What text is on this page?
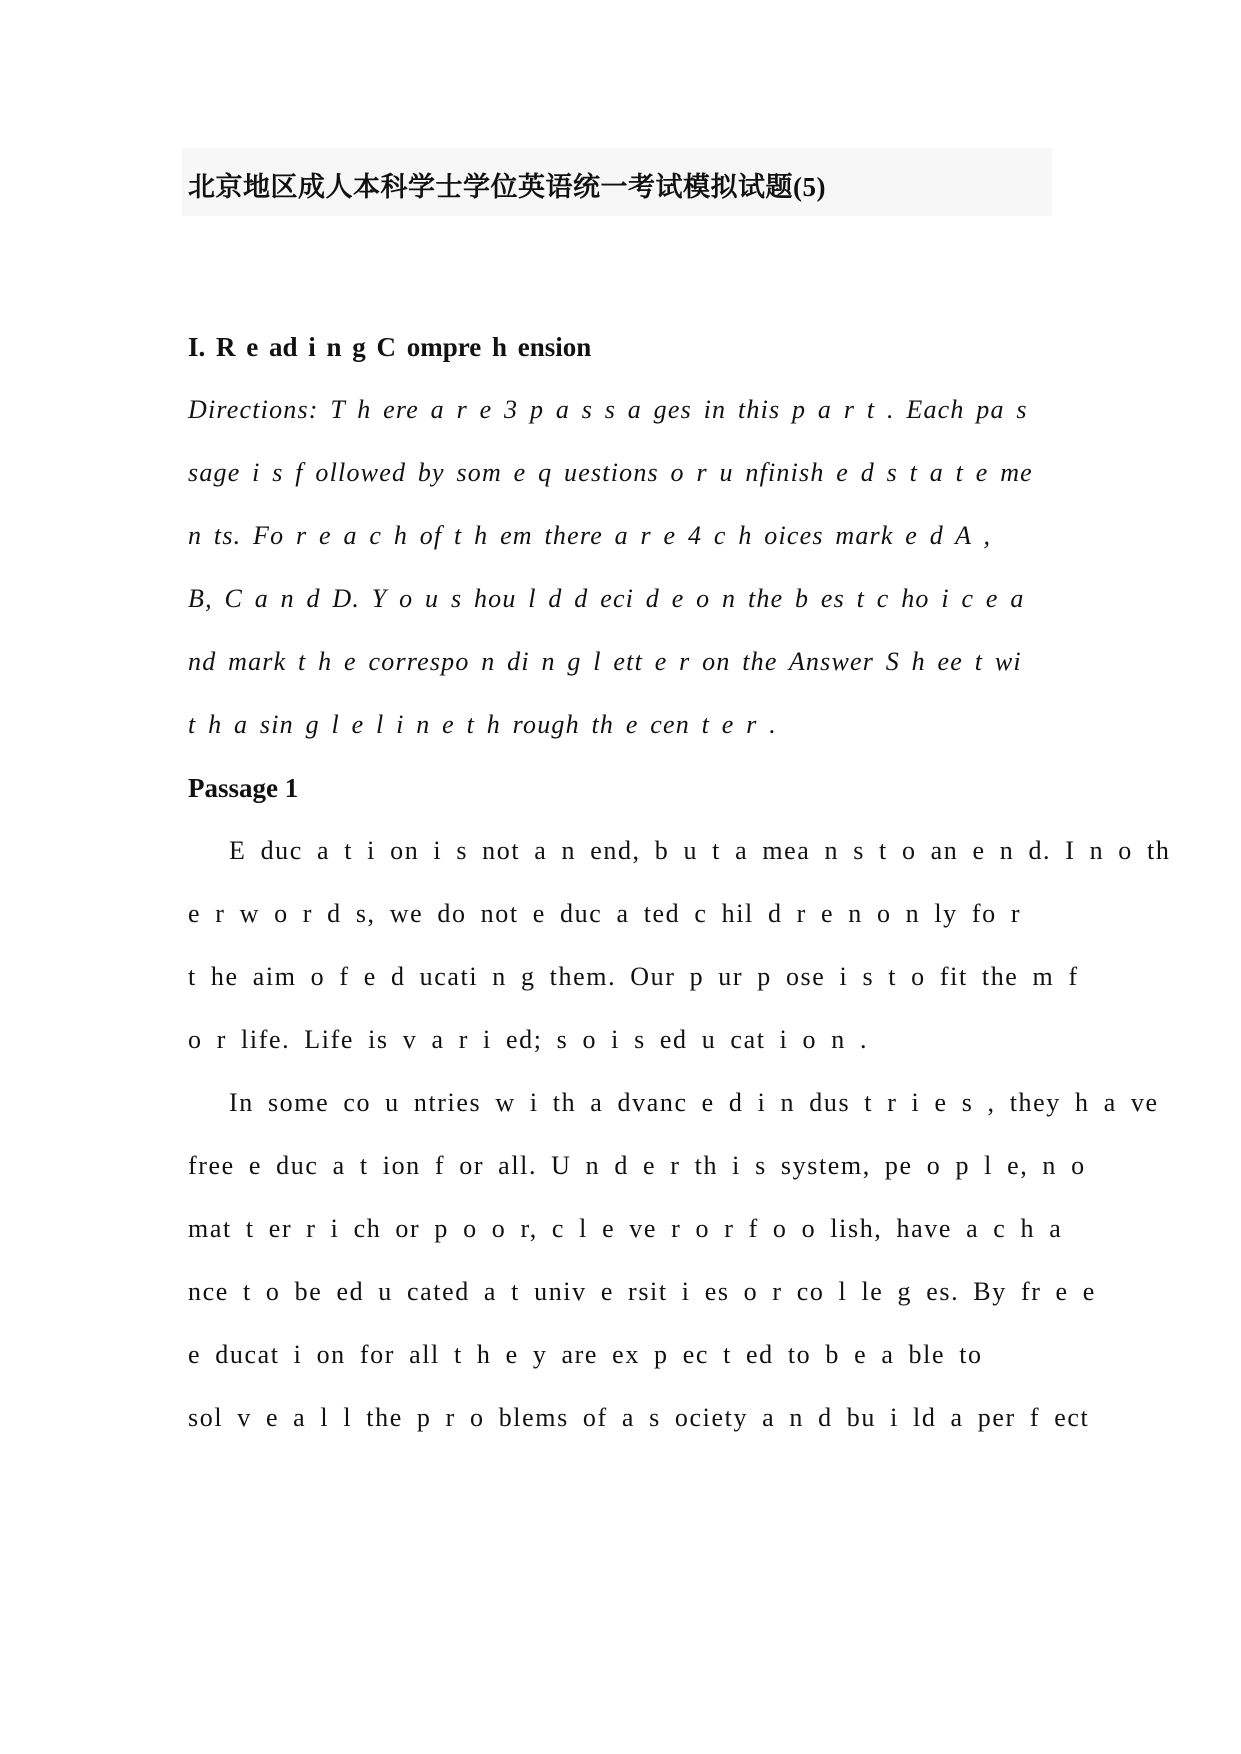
北京地区成人本科学士学位英语统一考试模拟试题(5)

I. R e ad i n g C ompre h ension

Directions: T h ere a r e 3 p a s s a ges in this p a r t . Each pa s

sage i s f ollowed by som e q uestions o r u nfinish e d s t a t e me

n ts. Fo r e a c h of t h em there a r e 4 c h oices mark e d A ,

B, C a n d D. Y o u s hou l d d eci d e o n the b es t c ho i c e a

nd mark t h e correspo n di n g l ett e r on the Answer S h ee t wi

t h a sin g l e l i n e t h rough th e cen t e r .

Passage 1

E duc a t i on i s not a n end, b u t a mea n s t o an e n d. I n o th

e r w o r d s, we do not e duc a ted c hil d r e n o n ly fo r

t he aim o f e d ucati n g them. Our p ur p ose i s t o fit the m f

o r life. Life is v a r i ed; s o i s ed u cat i o n .

In some co u ntries w i th a dvanc e d i n dus t r i e s , they h a ve

free e duc a t ion f or all. U n d e r th i s system, pe o p l e, n o

mat t er r i ch or p o o r, c l e ve r o r f o o lish, have a c h a

nce t o be ed u cated a t univ e rsit i es o r co l le g es. By fr e e

e ducat i on for all t h e y are ex p ec t ed to b e a ble to

sol v e a l l the p r o blems of a s ociety a n d bu i ld a per f ect
